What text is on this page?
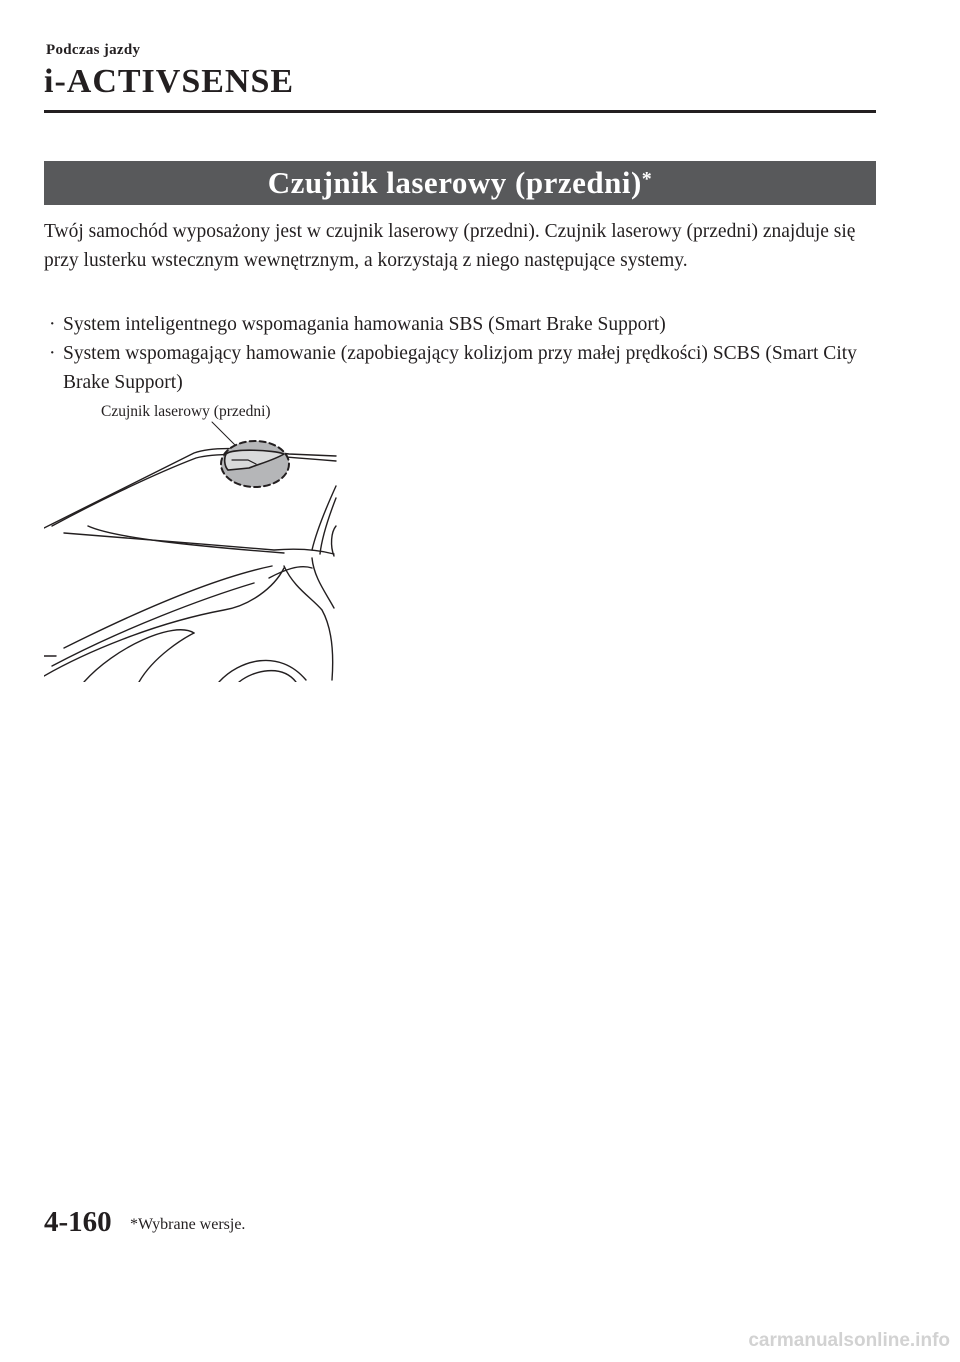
Podczas jazdy
i-ACTIVSENSE
Czujnik laserowy (przedni)*
Twój samochód wyposażony jest w czujnik laserowy (przedni). Czujnik laserowy (przedni) znajduje się przy lusterku wstecznym wewnętrznym, a korzystają z niego następujące systemy.
· System inteligentnego wspomagania hamowania SBS (Smart Brake Support)
· System wspomagający hamowanie (zapobiegający kolizjom przy małej prędkości) SCBS (Smart City Brake Support)
Czujnik laserowy (przedni)
4-160 *Wybrane wersje.
carmanualsonline.info
